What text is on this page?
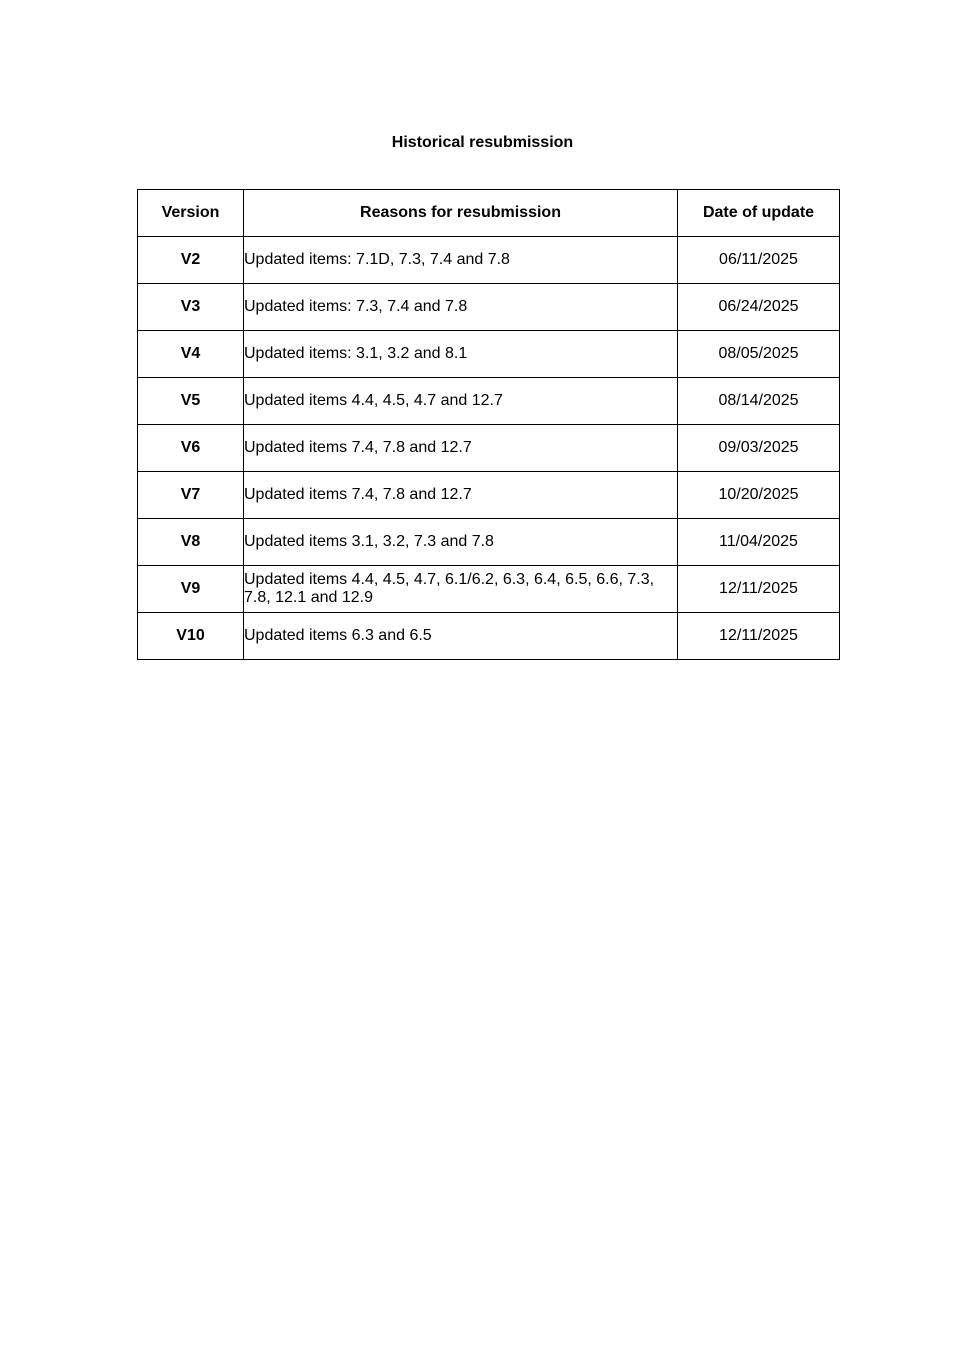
Historical resubmission
Version	Reasons for resubmission	Date of update
V2	Updated items: 7.1D, 7.3, 7.4 and 7.8	06/11/2025
V3	Updated items: 7.3, 7.4 and 7.8	06/24/2025
V4	Updated items: 3.1, 3.2 and 8.1	08/05/2025
V5	Updated items 4.4, 4.5, 4.7 and 12.7	08/14/2025
V6	Updated items 7.4, 7.8 and 12.7	09/03/2025
V7	Updated items 7.4, 7.8 and 12.7	10/20/2025
V8	Updated items 3.1, 3.2, 7.3 and 7.8	11/04/2025
V9	Updated items 4.4, 4.5, 4.7, 6.1/6.2, 6.3, 6.4, 6.5, 6.6, 7.3, 7.8, 12.1 and 12.9	12/11/2025
V10	Updated items 6.3 and 6.5	12/11/2025
